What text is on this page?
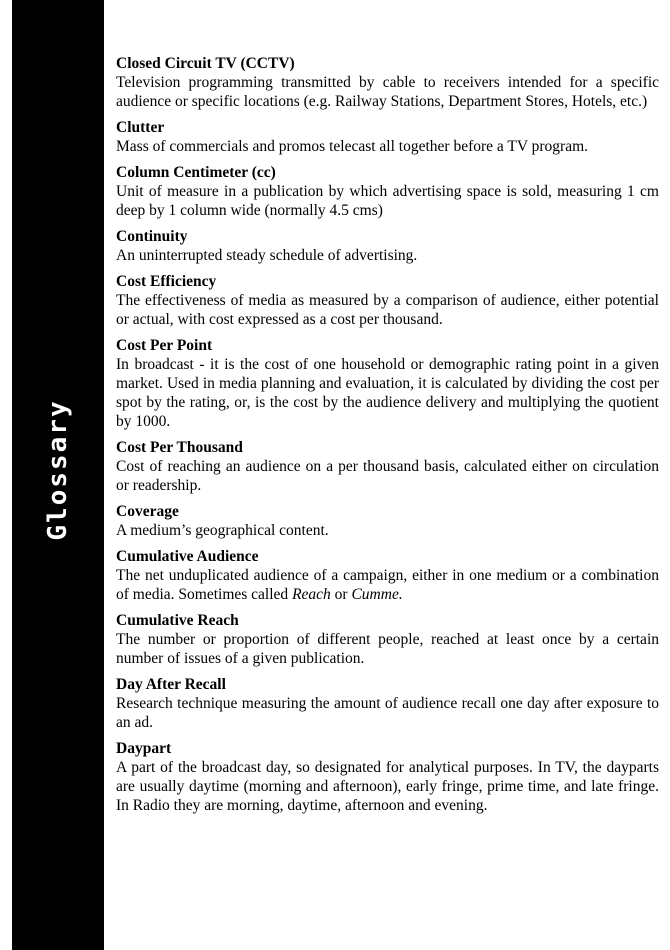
Glossary
Closed Circuit TV (CCTV)
Television programming transmitted by cable to receivers intended for a specific audience or specific locations (e.g. Railway Stations, Department Stores, Hotels, etc.)
Clutter
Mass of commercials and promos telecast all together before a TV program.
Column Centimeter (cc)
Unit of measure in a publication by which advertising space is sold, measuring 1 cm deep by 1 column wide (normally 4.5 cms)
Continuity
An uninterrupted steady schedule of advertising.
Cost Efficiency
The effectiveness of media as measured by a comparison of audience, either potential or actual, with cost expressed as a cost per thousand.
Cost Per Point
In broadcast - it is the cost of one household or demographic rating point in a given market. Used in media planning and evaluation, it is calculated by dividing the cost per spot by the rating, or, is the cost by the audience delivery and multiplying the quotient by 1000.
Cost Per Thousand
Cost of reaching an audience on a per thousand basis, calculated either on circulation or readership.
Coverage
A medium’s geographical content.
Cumulative Audience
The net unduplicated audience of a campaign, either in one medium or a combination of media. Sometimes called Reach or Cumme.
Cumulative Reach
The number or proportion of different people, reached at least once by a certain number of issues of a given publication.
Day After Recall
Research technique measuring the amount of audience recall one day after exposure to an ad.
Daypart
A part of the broadcast day, so designated for analytical purposes. In TV, the dayparts are usually daytime (morning and afternoon), early fringe, prime time, and late fringe. In Radio they are morning, daytime, afternoon and evening.
